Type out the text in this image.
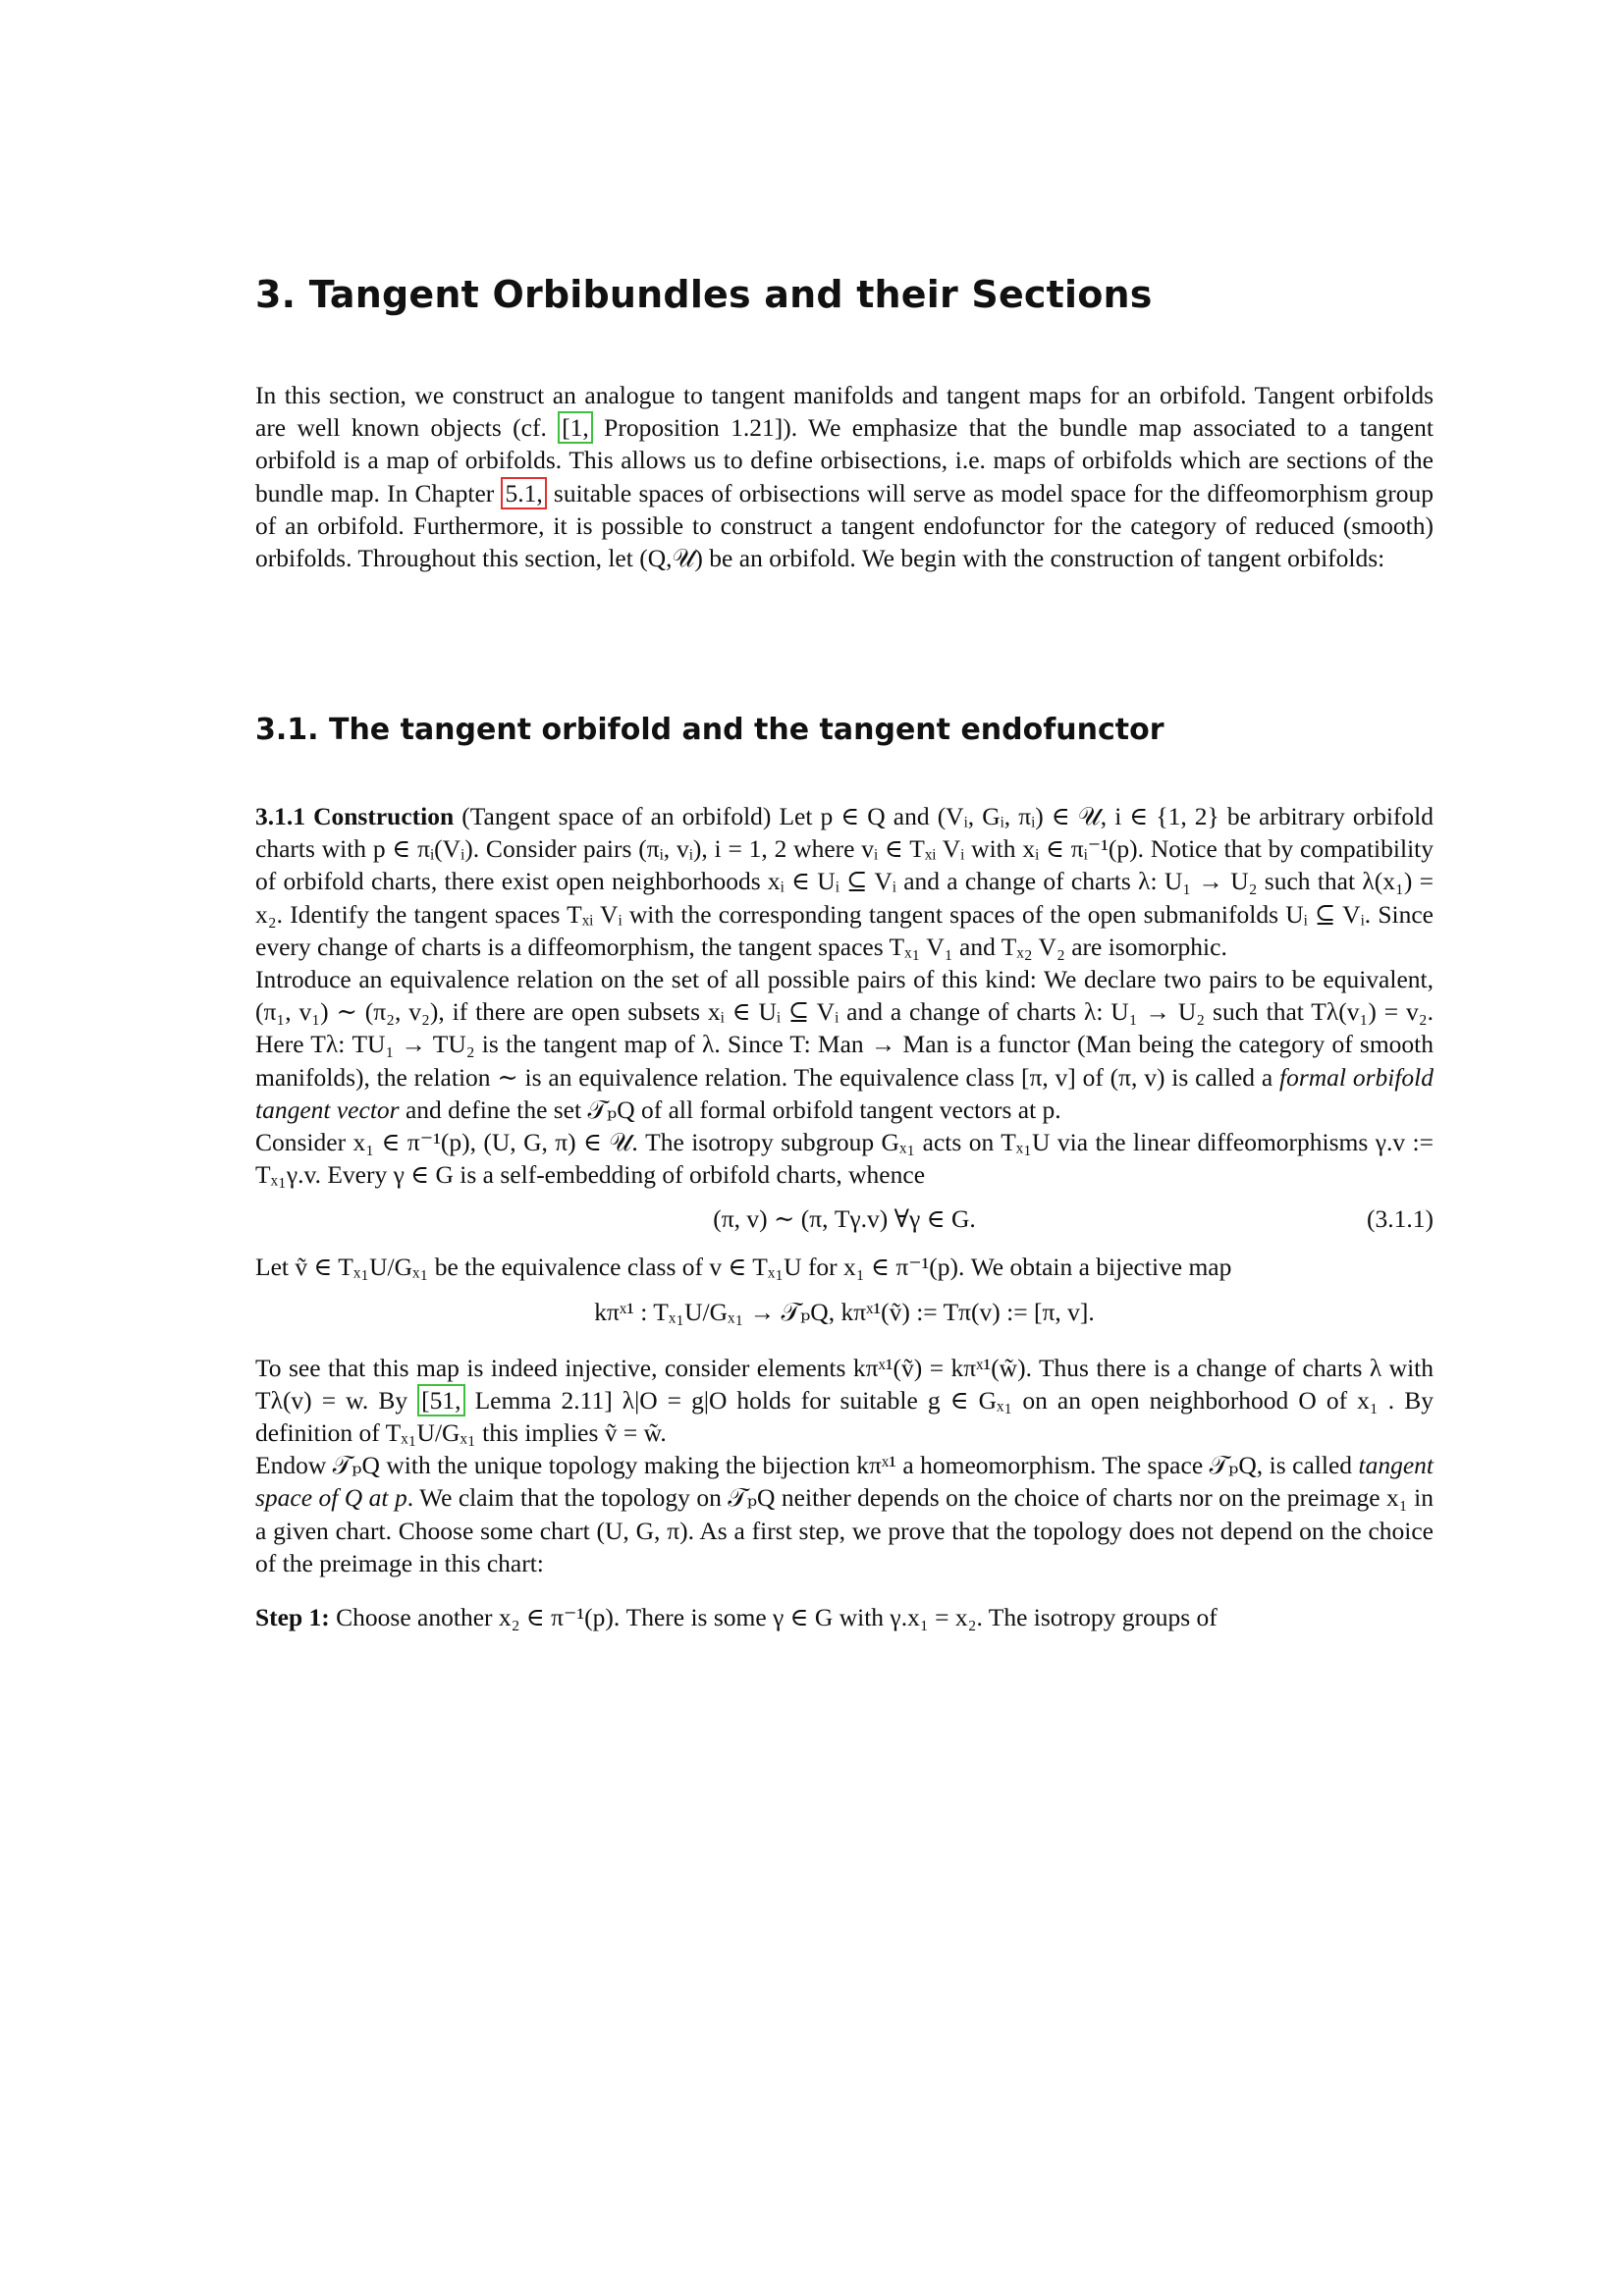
3. Tangent Orbibundles and their Sections

In this section, we construct an analogue to tangent manifolds and tangent maps for an orbifold. Tangent orbifolds are well known objects (cf. [1, Proposition 1.21]). We emphasize that the bundle map associated to a tangent orbifold is a map of orbifolds. This allows us to define orbisections, i.e. maps of orbifolds which are sections of the bundle map. In Chapter 5.1, suitable spaces of orbisections will serve as model space for the diffeomorphism group of an orbifold. Furthermore, it is possible to construct a tangent endofunctor for the category of reduced (smooth) orbifolds. Throughout this section, let (Q,𝒰) be an orbifold. We begin with the construction of tangent orbifolds:

3.1. The tangent orbifold and the tangent endofunctor

3.1.1 Construction (Tangent space of an orbifold) Let p ∈ Q and (Vᵢ, Gᵢ, πᵢ) ∈ 𝒰, i ∈ {1, 2} be arbitrary orbifold charts with p ∈ πᵢ(Vᵢ). Consider pairs (πᵢ, vᵢ), i = 1, 2 where vᵢ ∈ Tₓᵢ Vᵢ with xᵢ ∈ πᵢ⁻¹(p). Notice that by compatibility of orbifold charts, there exist open neighborhoods xᵢ ∈ Uᵢ ⊆ Vᵢ and a change of charts λ: U₁ → U₂ such that λ(x₁) = x₂. Identify the tangent spaces Tₓᵢ Vᵢ with the corresponding tangent spaces of the open submanifolds Uᵢ ⊆ Vᵢ. Since every change of charts is a diffeomorphism, the tangent spaces Tₓ₁ V₁ and Tₓ₂ V₂ are isomorphic.

Introduce an equivalence relation on the set of all possible pairs of this kind: We declare two pairs to be equivalent, (π₁, v₁) ∼ (π₂, v₂), if there are open subsets xᵢ ∈ Uᵢ ⊆ Vᵢ and a change of charts λ: U₁ → U₂ such that Tλ(v₁) = v₂. Here Tλ: TU₁ → TU₂ is the tangent map of λ. Since T: Man → Man is a functor (Man being the category of smooth manifolds), the relation ∼ is an equivalence relation. The equivalence class [π, v] of (π, v) is called a formal orbifold tangent vector and define the set 𝒯ₚQ of all formal orbifold tangent vectors at p.

Consider x₁ ∈ π⁻¹(p), (U, G, π) ∈ 𝒰. The isotropy subgroup Gₓ₁ acts on Tₓ₁U via the linear diffeomorphisms γ.v := Tₓ₁γ.v. Every γ ∈ G is a self-embedding of orbifold charts, whence

(π, v) ∼ (π, Tγ.v) ∀γ ∈ G.	(3.1.1)

Let ṽ ∈ Tₓ₁U/Gₓ₁ be the equivalence class of v ∈ Tₓ₁U for x₁ ∈ π⁻¹(p). We obtain a bijective map

kπˣ¹ : Tₓ₁U/Gₓ₁ → 𝒯ₚQ, kπˣ¹(ṽ) := Tπ(v) := [π, v].

To see that this map is indeed injective, consider elements kπˣ¹(ṽ) = kπˣ¹(w̃). Thus there is a change of charts λ with Tλ(v) = w. By [51, Lemma 2.11] λ|O = g|O holds for suitable g ∈ Gₓ₁ on an open neighborhood O of x₁ . By definition of Tₓ₁U/Gₓ₁ this implies ṽ = w̃.

Endow 𝒯ₚQ with the unique topology making the bijection kπˣ¹ a homeomorphism. The space 𝒯ₚQ, is called tangent space of Q at p. We claim that the topology on 𝒯ₚQ neither depends on the choice of charts nor on the preimage x₁ in a given chart. Choose some chart (U, G, π). As a first step, we prove that the topology does not depend on the choice of the preimage in this chart:

Step 1: Choose another x₂ ∈ π⁻¹(p). There is some γ ∈ G with γ.x₁ = x₂. The isotropy groups of
